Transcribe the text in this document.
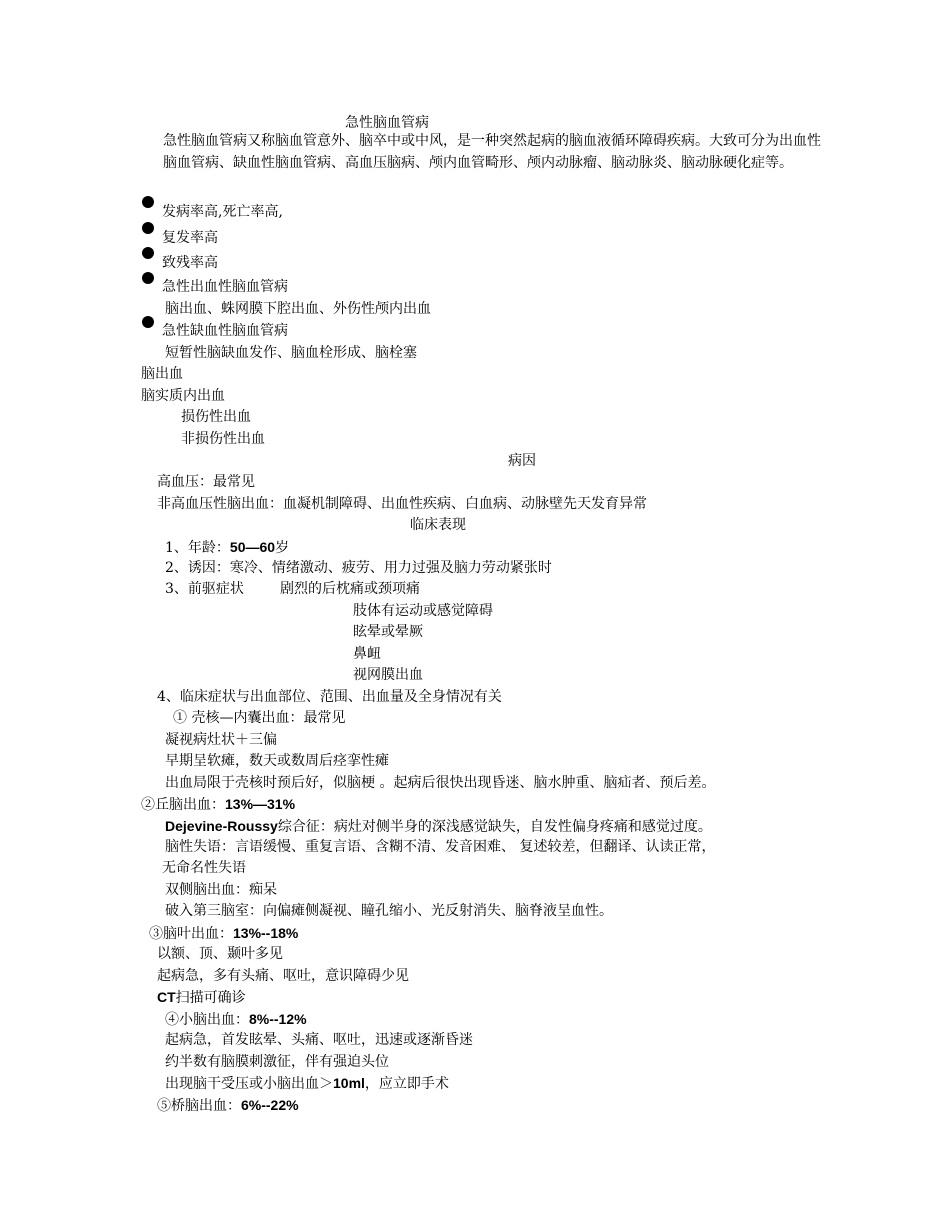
急性脑血管病
急性脑血管病又称脑血管意外、脑卒中或中风，是一种突然起病的脑血液循环障碍疾病。大致可分为出血性脑血管病、缺血性脑血管病、高血压脑病、颅内血管畸形、颅内动脉瘤、脑动脉炎、脑动脉硬化症等。
发病率高,死亡率高,
复发率高
致残率高
急性出血性脑血管病
脑出血、蛛网膜下腔出血、外伤性颅内出血
急性缺血性脑血管病
短暂性脑缺血发作、脑血栓形成、脑栓塞
脑出血
脑实质内出血
损伤性出血
非损伤性出血
病因
高血压：最常见
非高血压性脑出血：血凝机制障碍、出血性疾病、白血病、动脉壁先天发育异常
临床表现
1、年龄：50—60岁
2、诱因：寒冷、情绪激动、疲劳、用力过强及脑力劳动紧张时
3、前驱症状	剧烈的后枕痛或颈项痛
肢体有运动或感觉障碍
眩晕或晕厥
鼻衄
视网膜出血
4、临床症状与出血部位、范围、出血量及全身情况有关
① 壳核—内囊出血：最常见
凝视病灶状＋三偏
早期呈软瘫，数天或数周后痉挛性瘫
出血局限于壳核时预后好，似脑梗 。起病后很快出现昏迷、脑水肿重、脑疝者、预后差。
②丘脑出血：13%—31%
Dejevine-Roussy综合征：病灶对侧半身的深浅感觉缺失，自发性偏身疼痛和感觉过度。
脑性失语：言语缓慢、重复言语、含糊不清、发音困难、 复述较差，但翻译、认读正常，
无命名性失语
双侧脑出血：痴呆
破入第三脑室：向偏瘫侧凝视、瞳孔缩小、光反射消失、脑脊液呈血性。
③脑叶出血：13%--18%
以额、顶、颞叶多见
起病急，多有头痛、呕吐，意识障碍少见
CT扫描可确诊
④小脑出血：8%--12%
起病急，首发眩晕、头痛、呕吐，迅速或逐渐昏迷
约半数有脑膜刺激征，伴有强迫头位
出现脑干受压或小脑出血＞10ml，应立即手术
⑤桥脑出血：6%--22%
